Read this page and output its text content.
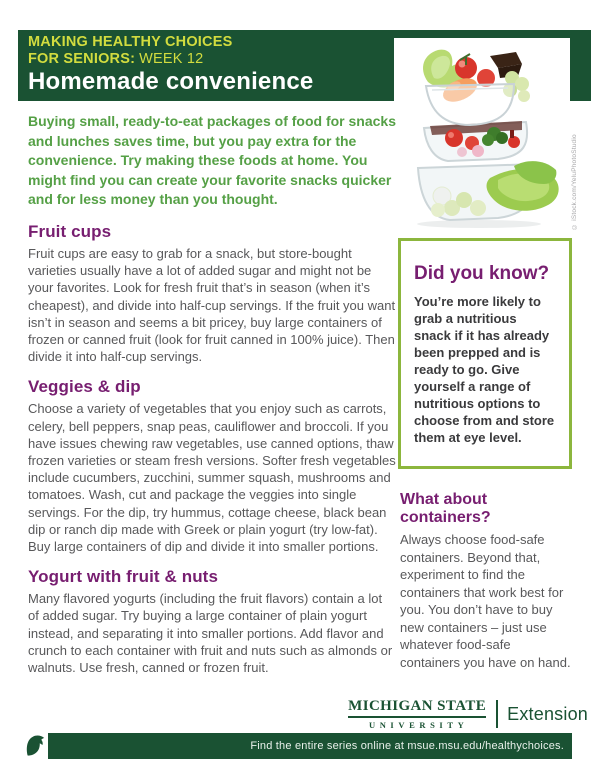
MAKING HEALTHY CHOICES
FOR SENIORS: WEEK 12
Homemade convenience
© iStock.com/YeluPhotoStudio

Buying small, ready-to-eat packages of food for snacks and lunches saves time, but you pay extra for the convenience. Try making these foods at home. You might find you can create your favorite snacks quicker and for less money than you thought.

Fruit cups

Fruit cups are easy to grab for a snack, but store-bought varieties usually have a lot of added sugar and might not be your favorites. Look for fresh fruit that’s in season (when it’s cheapest), and divide into half-cup servings. If the fruit you want isn’t in season and seems a bit pricey, buy large containers of frozen or canned fruit (look for fruit canned in 100% juice). Then divide it into half-cup servings.

Veggies & dip

Choose a variety of vegetables that you enjoy such as carrots, celery, bell peppers, snap peas, cauliflower and broccoli. If you have issues chewing raw vegetables, use canned options, thaw frozen varieties or steam fresh versions. Softer fresh vegetables include cucumbers, zucchini, summer squash, mushrooms and tomatoes. Wash, cut and package the veggies into single servings. For the dip, try hummus, cottage cheese, black bean dip or ranch dip made with Greek or plain yogurt (try low-fat). Buy large containers of dip and divide it into smaller portions.

Yogurt with fruit & nuts

Many flavored yogurts (including the fruit flavors) contain a lot of added sugar. Try buying a large container of plain yogurt instead, and separating it into smaller portions. Add flavor and crunch to each container with fruit and nuts such as almonds or walnuts. Use fresh, canned or frozen fruit.

Did you know?

You’re more likely to grab a nutritious snack if it has already been prepped and is ready to go. Give yourself a range of nutritious options to choose from and store them at eye level.

What about containers?

Always choose food-safe containers. Beyond that, experiment to find the containers that work best for you. You don’t have to buy new containers – just use whatever food-safe containers you have on hand.

MICHIGAN STATE
UNIVERSITY
Extension
Find the entire series online at msue.msu.edu/healthychoices.
